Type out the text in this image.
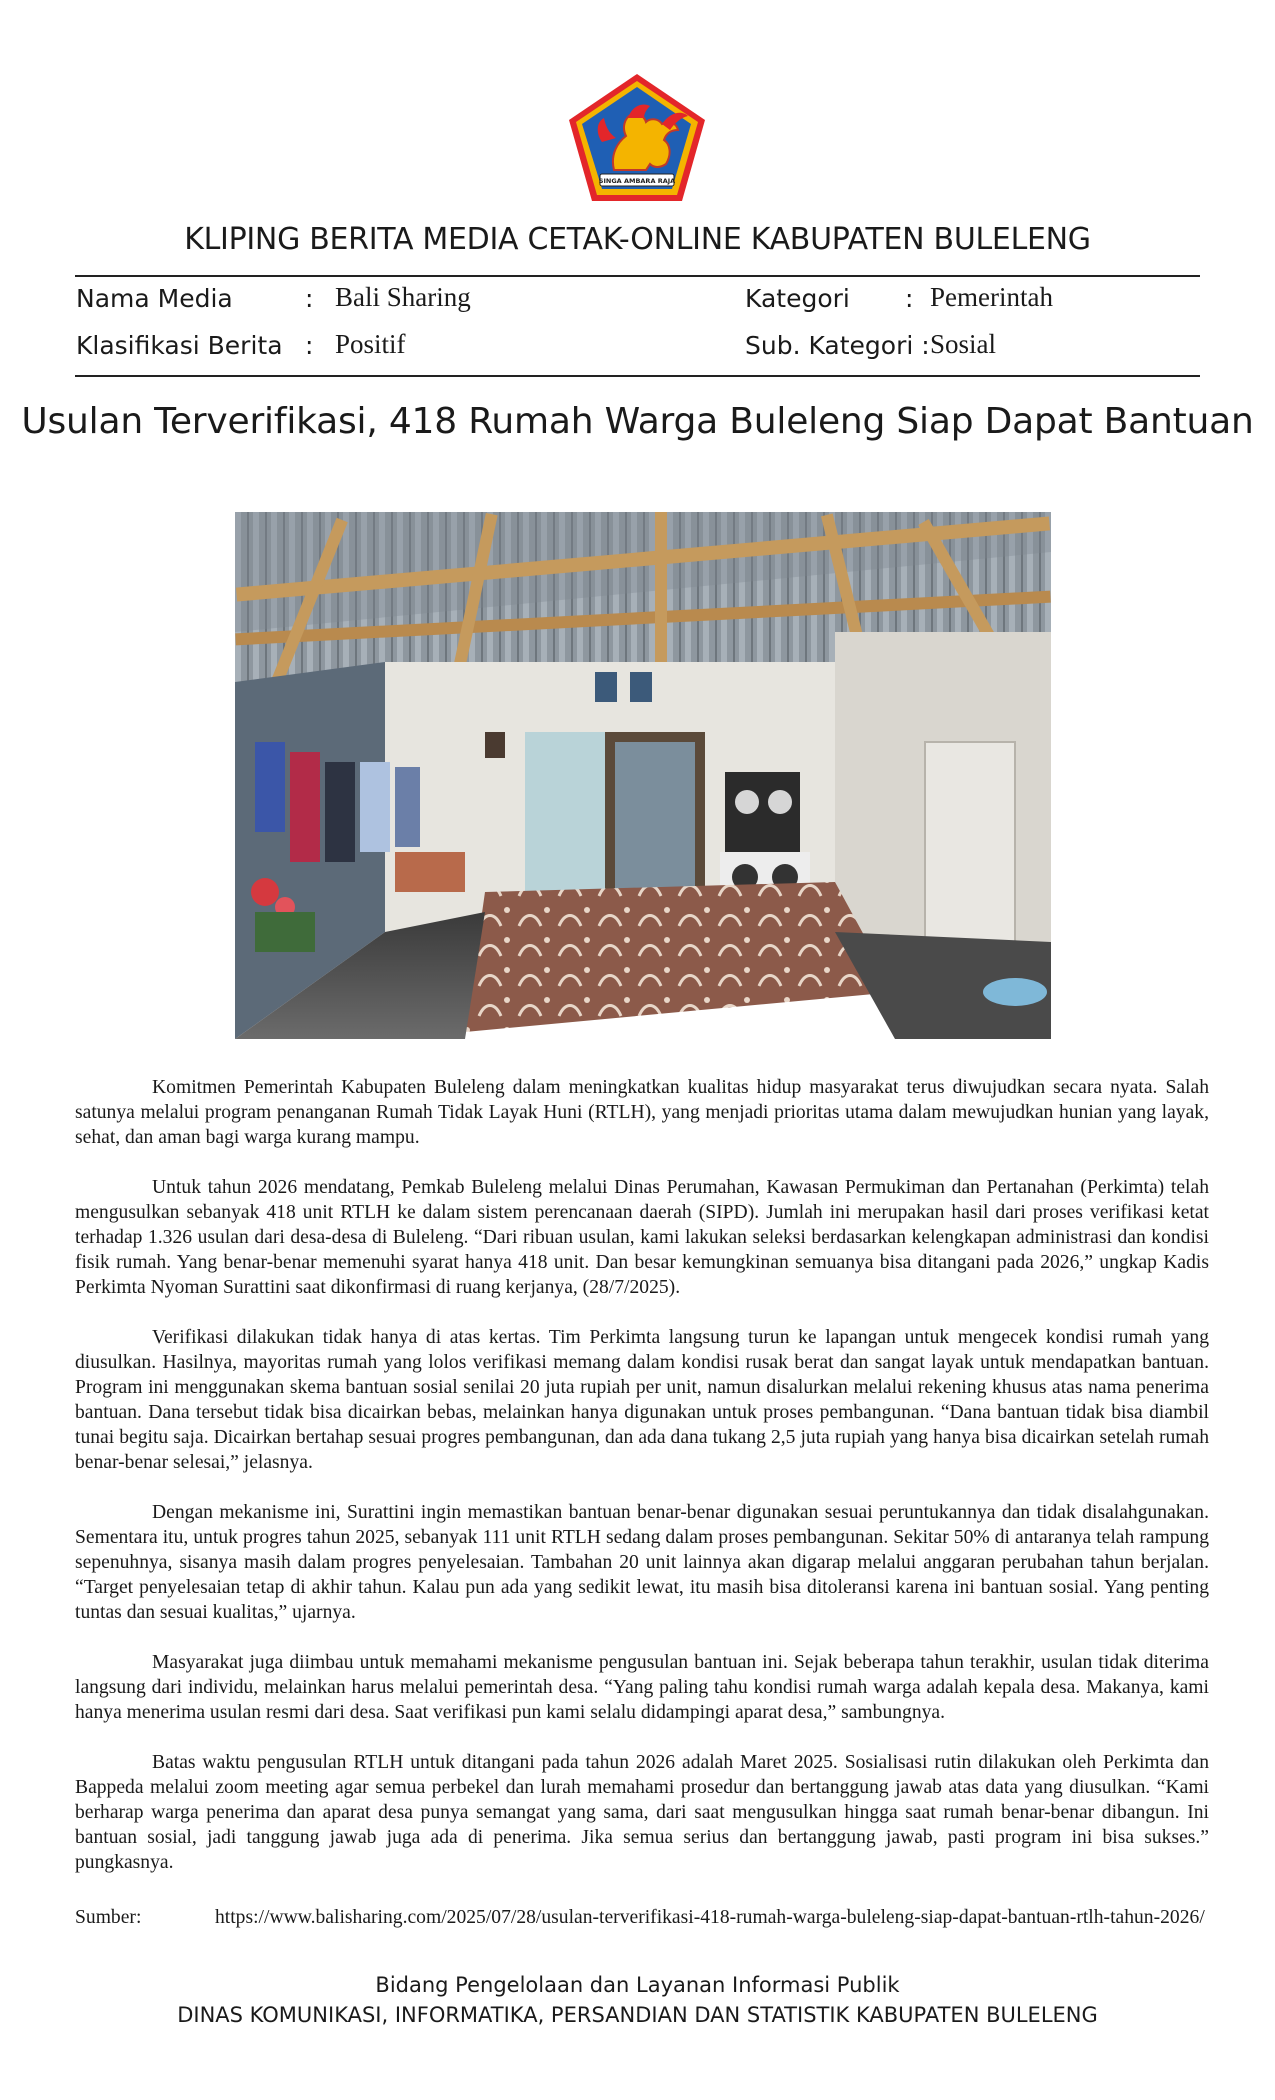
SINGA AMBARA RAJA
KLIPING BERITA MEDIA CETAK-ONLINE KABUPATEN BULELENG
Nama Media	: Bali Sharing	Kategori : Pemerintah
Klasifikasi Berita : Positif	Sub. Kategori : Sosial
Usulan Terverifikasi, 418 Rumah Warga Buleleng Siap Dapat Bantuan

Komitmen Pemerintah Kabupaten Buleleng dalam meningkatkan kualitas hidup masyarakat terus diwujudkan secara nyata. Salah satunya melalui program penanganan Rumah Tidak Layak Huni (RTLH), yang menjadi prioritas utama dalam mewujudkan hunian yang layak, sehat, dan aman bagi warga kurang mampu.

Untuk tahun 2026 mendatang, Pemkab Buleleng melalui Dinas Perumahan, Kawasan Permukiman dan Pertanahan (Perkimta) telah mengusulkan sebanyak 418 unit RTLH ke dalam sistem perencanaan daerah (SIPD). Jumlah ini merupakan hasil dari proses verifikasi ketat terhadap 1.326 usulan dari desa-desa di Buleleng. “Dari ribuan usulan, kami lakukan seleksi berdasarkan kelengkapan administrasi dan kondisi fisik rumah. Yang benar-benar memenuhi syarat hanya 418 unit. Dan besar kemungkinan semuanya bisa ditangani pada 2026,” ungkap Kadis Perkimta Nyoman Surattini saat dikonfirmasi di ruang kerjanya, (28/7/2025).

Verifikasi dilakukan tidak hanya di atas kertas. Tim Perkimta langsung turun ke lapangan untuk mengecek kondisi rumah yang diusulkan. Hasilnya, mayoritas rumah yang lolos verifikasi memang dalam kondisi rusak berat dan sangat layak untuk mendapatkan bantuan. Program ini menggunakan skema bantuan sosial senilai 20 juta rupiah per unit, namun disalurkan melalui rekening khusus atas nama penerima bantuan. Dana tersebut tidak bisa dicairkan bebas, melainkan hanya digunakan untuk proses pembangunan. “Dana bantuan tidak bisa diambil tunai begitu saja. Dicairkan bertahap sesuai progres pembangunan, dan ada dana tukang 2,5 juta rupiah yang hanya bisa dicairkan setelah rumah benar-benar selesai,” jelasnya.

Dengan mekanisme ini, Surattini ingin memastikan bantuan benar-benar digunakan sesuai peruntukannya dan tidak disalahgunakan. Sementara itu, untuk progres tahun 2025, sebanyak 111 unit RTLH sedang dalam proses pembangunan. Sekitar 50% di antaranya telah rampung sepenuhnya, sisanya masih dalam progres penyelesaian. Tambahan 20 unit lainnya akan digarap melalui anggaran perubahan tahun berjalan. “Target penyelesaian tetap di akhir tahun. Kalau pun ada yang sedikit lewat, itu masih bisa ditoleransi karena ini bantuan sosial. Yang penting tuntas dan sesuai kualitas,” ujarnya.

Masyarakat juga diimbau untuk memahami mekanisme pengusulan bantuan ini. Sejak beberapa tahun terakhir, usulan tidak diterima langsung dari individu, melainkan harus melalui pemerintah desa. “Yang paling tahu kondisi rumah warga adalah kepala desa. Makanya, kami hanya menerima usulan resmi dari desa. Saat verifikasi pun kami selalu didampingi aparat desa,” sambungnya.

Batas waktu pengusulan RTLH untuk ditangani pada tahun 2026 adalah Maret 2025. Sosialisasi rutin dilakukan oleh Perkimta dan Bappeda melalui zoom meeting agar semua perbekel dan lurah memahami prosedur dan bertanggung jawab atas data yang diusulkan. “Kami berharap warga penerima dan aparat desa punya semangat yang sama, dari saat mengusulkan hingga saat rumah benar-benar dibangun. Ini bantuan sosial, jadi tanggung jawab juga ada di penerima. Jika semua serius dan bertanggung jawab, pasti program ini bisa sukses.” pungkasnya.

Sumber:	https://www.balisharing.com/2025/07/28/usulan-terverifikasi-418-rumah-warga-buleleng-siap-dapat-bantuan-rtlh-tahun-2026/
Bidang Pengelolaan dan Layanan Informasi Publik
DINAS KOMUNIKASI, INFORMATIKA, PERSANDIAN DAN STATISTIK KABUPATEN BULELENG
